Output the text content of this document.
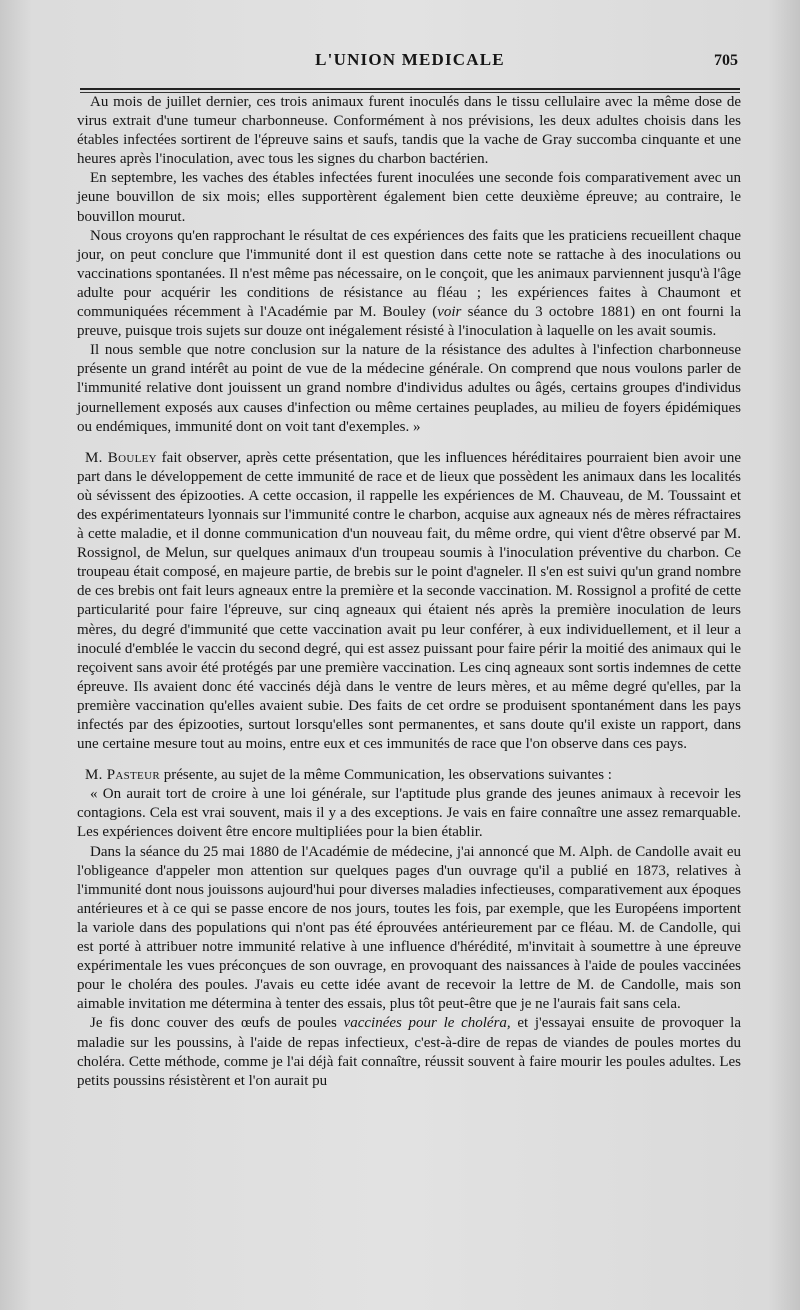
L'UNION MEDICALE	705

Au mois de juillet dernier, ces trois animaux furent inoculés dans le tissu cellulaire avec la même dose de virus extrait d'une tumeur charbonneuse. Conformément à nos prévisions, les deux adultes choisis dans les étables infectées sortirent de l'épreuve sains et saufs, tandis que la vache de Gray succomba cinquante et une heures après l'inoculation, avec tous les signes du charbon bactérien.

En septembre, les vaches des étables infectées furent inoculées une seconde fois comparativement avec un jeune bouvillon de six mois; elles supportèrent également bien cette deuxième épreuve; au contraire, le bouvillon mourut.

Nous croyons qu'en rapprochant le résultat de ces expériences des faits que les praticiens recueillent chaque jour, on peut conclure que l'immunité dont il est question dans cette note se rattache à des inoculations ou vaccinations spontanées. Il n'est même pas nécessaire, on le conçoit, que les animaux parviennent jusqu'à l'âge adulte pour acquérir les conditions de résistance au fléau ; les expériences faites à Chaumont et communiquées récemment à l'Académie par M. Bouley (voir séance du 3 octobre 1881) en ont fourni la preuve, puisque trois sujets sur douze ont inégalement résisté à l'inoculation à laquelle on les avait soumis.

Il nous semble que notre conclusion sur la nature de la résistance des adultes à l'infection charbonneuse présente un grand intérêt au point de vue de la médecine générale. On comprend que nous voulons parler de l'immunité relative dont jouissent un grand nombre d'individus adultes ou âgés, certains groupes d'individus journellement exposés aux causes d'infection ou même certaines peuplades, au milieu de foyers épidémiques ou endémiques, immunité dont on voit tant d'exemples. »

M. Bouley fait observer, après cette présentation, que les influences héréditaires pourraient bien avoir une part dans le développement de cette immunité de race et de lieux que possèdent les animaux dans les localités où sévissent des épizooties. A cette occasion, il rappelle les expériences de M. Chauveau, de M. Toussaint et des expérimentateurs lyonnais sur l'immunité contre le charbon, acquise aux agneaux nés de mères réfractaires à cette maladie, et il donne communication d'un nouveau fait, du même ordre, qui vient d'être observé par M. Rossignol, de Melun, sur quelques animaux d'un troupeau soumis à l'inoculation préventive du charbon. Ce troupeau était composé, en majeure partie, de brebis sur le point d'agneler. Il s'en est suivi qu'un grand nombre de ces brebis ont fait leurs agneaux entre la première et la seconde vaccination. M. Rossignol a profité de cette particularité pour faire l'épreuve, sur cinq agneaux qui étaient nés après la première inoculation de leurs mères, du degré d'immunité que cette vaccination avait pu leur conférer, à eux individuellement, et il leur a inoculé d'emblée le vaccin du second degré, qui est assez puissant pour faire périr la moitié des animaux qui le reçoivent sans avoir été protégés par une première vaccination. Les cinq agneaux sont sortis indemnes de cette épreuve. Ils avaient donc été vaccinés déjà dans le ventre de leurs mères, et au même degré qu'elles, par la première vaccination qu'elles avaient subie. Des faits de cet ordre se produisent spontanément dans les pays infectés par des épizooties, surtout lorsqu'elles sont permanentes, et sans doute qu'il existe un rapport, dans une certaine mesure tout au moins, entre eux et ces immunités de race que l'on observe dans ces pays.

M. Pasteur présente, au sujet de la même Communication, les observations suivantes :

« On aurait tort de croire à une loi générale, sur l'aptitude plus grande des jeunes animaux à recevoir les contagions. Cela est vrai souvent, mais il y a des exceptions. Je vais en faire connaître une assez remarquable. Les expériences doivent être encore multipliées pour la bien établir.

Dans la séance du 25 mai 1880 de l'Académie de médecine, j'ai annoncé que M. Alph. de Candolle avait eu l'obligeance d'appeler mon attention sur quelques pages d'un ouvrage qu'il a publié en 1873, relatives à l'immunité dont nous jouissons aujourd'hui pour diverses maladies infectieuses, comparativement aux époques antérieures et à ce qui se passe encore de nos jours, toutes les fois, par exemple, que les Européens importent la variole dans des populations qui n'ont pas été éprouvées antérieurement par ce fléau. M. de Candolle, qui est porté à attribuer notre immunité relative à une influence d'hérédité, m'invitait à soumettre à une épreuve expérimentale les vues préconçues de son ouvrage, en provoquant des naissances à l'aide de poules vaccinées pour le choléra des poules. J'avais eu cette idée avant de recevoir la lettre de M. de Candolle, mais son aimable invitation me détermina à tenter des essais, plus tôt peut-être que je ne l'aurais fait sans cela.

Je fis donc couver des œufs de poules vaccinées pour le choléra, et j'essayai ensuite de provoquer la maladie sur les poussins, à l'aide de repas infectieux, c'est-à-dire de repas de viandes de poules mortes du choléra. Cette méthode, comme je l'ai déjà fait connaître, réussit souvent à faire mourir les poules adultes. Les petits poussins résistèrent et l'on aurait pu
